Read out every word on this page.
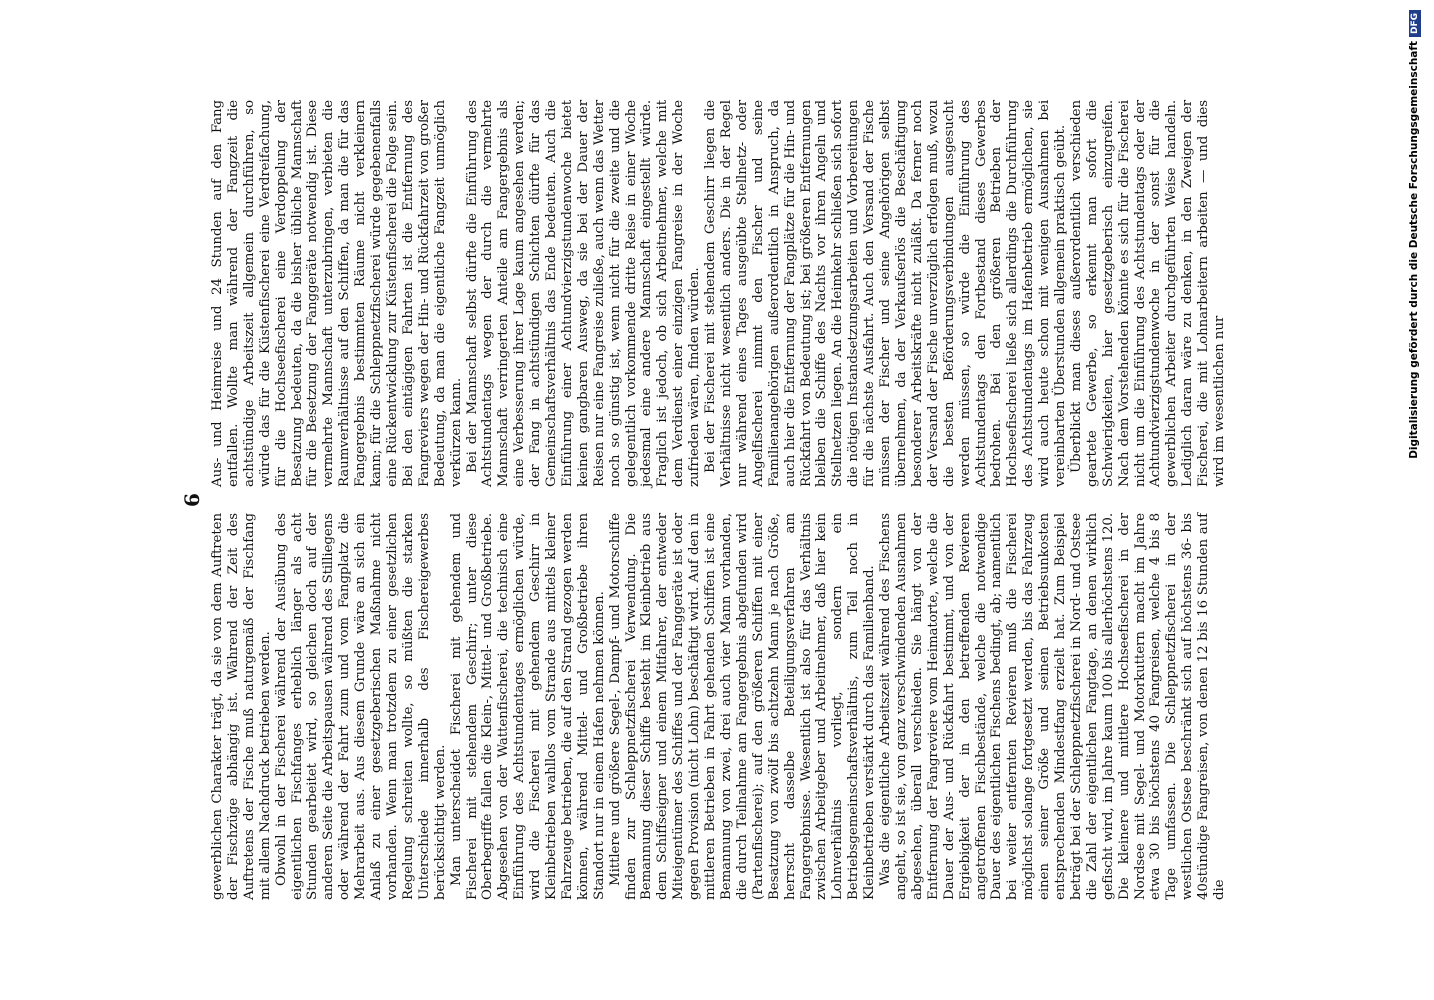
6

gewerblichen Charakter trägt, da sie von dem Auftreten der Fischzüge abhängig ist. Während der Zeit des Auftretens der Fische muß naturgemäß der Fischfang mit allem Nachdruck betrieben werden. Obwohl in der Fischerei während der Ausübung des eigentlichen Fischfanges erheblich länger als acht Stunden gearbeitet wird, so gleichen doch auf der anderen Seite die Arbeitspausen während des Stilliegens oder während der Fahrt zum und vom Fangplatz die Mehrarbeit aus. Aus diesem Grunde wäre an sich ein Anlaß zu einer gesetzgeberischen Maßnahme nicht vorhanden. Wenn man trotzdem zu einer gesetzlichen Regelung schreiten wollte, so müßten die starken Unterschiede innerhalb des Fischereigewerbes berücksichtigt werden. Man unterscheidet Fischerei mit gehendem und Fischerei mit stehendem Geschirr; unter diese Oberbegriffe fallen die Klein-, Mittel- und Großbetriebe. Abgesehen von der Wattenfischerei, die technisch eine Einführung des Achtstundentages ermöglichen würde, wird die Fischerei mit gehendem Geschirr in Kleinbetrieben wahllos vom Strande aus mittels kleiner Fahrzeuge betrieben, die auf den Strand gezogen werden können, während Mittel- und Großbetriebe ihren Standort nur in einem Hafen nehmen können. Mittlere und größere Segel-, Dampf- und Motorschiffe finden zur Schleppnetzfischerei Verwendung. Die Bemannung dieser Schiffe besteht im Kleinbetrieb aus dem Schiffseigner und einem Mitfahrer, der entweder Miteigentümer des Schiffes und der Fanggeräte ist oder gegen Provision (nicht Lohn) beschäftigt wird. Auf den in mittleren Betrieben in Fahrt gehenden Schiffen ist eine Bemannung von zwei, drei auch vier Mann vorhanden, die durch Teilnahme am Fangergebnis abgefunden wird (Partenfischerei); auf den größeren Schiffen mit einer Besatzung von zwölf bis achtzehn Mann je nach Größe, herrscht dasselbe Beteiligungsverfahren am Fangergebnisse. Wesentlich ist also für das Verhältnis zwischen Arbeitgeber und Arbeitnehmer, daß hier kein Lohnverhältnis vorliegt, sondern ein Betriebsgemeinschaftsverhältnis, zum Teil noch in Kleinbetrieben verstärkt durch das Familienband. Was die eigentliche Arbeitszeit während des Fischens angeht, so ist sie, von ganz verschwindenden Ausnahmen abgesehen, überall verschieden. Sie hängt von der Entfernung der Fangreviere vom Heimatorte, welche die Dauer der Aus- und Rückfahrt bestimmt, und von der Ergiebigkeit der in den betreffenden Revieren angetroffenen Fischbestände, welche die notwendige Dauer des eigentlichen Fischens bedingt, ab; namentlich bei weiter entfernten Revieren muß die Fischerei möglichst solange fortgesetzt werden, bis das Fahrzeug einen seiner Größe und seinen Betriebsunkosten entsprechenden Mindestfang erzielt hat. Zum Beispiel beträgt bei der Schleppnetzfischerei in Nord- und Ostsee die Zahl der eigentlichen Fangtage, an denen wirklich gefischt wird, im Jahre kaum 100 bis allerhöchstens 120. Die kleinere und mittlere Hochseefischerei in der Nordsee mit Segel- und Motorkuttern macht im Jahre etwa 30 bis höchstens 40 Fangreisen, welche 4 bis 8 Tage umfassen. Die Schleppnetzfischerei in der westlichen Ostsee beschränkt sich auf höchstens 36- bis 40stündige Fangreisen, von denen 12 bis 16 Stunden auf die

Aus- und Heimreise und 24 Stunden auf den Fang entfallen. Wollte man während der Fangzeit die achtstündige Arbeitszeit allgemein durchführen, so würde das für die Küstenfischerei eine Verdreifachung, für die Hochseefischerei eine Verdoppelung der Besatzung bedeuten, da die bisher übliche Mannschaft für die Besetzung der Fanggeräte notwendig ist. Diese vermehrte Mannschaft unterzubringen, verbieten die Raumverhältnisse auf den Schiffen, da man die für das Fangergebnis bestimmten Räume nicht verkleinern kann; für die Schleppnetzfischerei würde gegebenenfalls eine Rückentwicklung zur Küstenfischerei die Folge sein. Bei den eintägigen Fahrten ist die Entfernung des Fangreviers wegen der Hin- und Rückfahrzeit von großer Bedeutung, da man die eigentliche Fangzeit unmöglich verkürzen kann. Bei der Mannschaft selbst dürfte die Einführung des Achtstundentags wegen der durch die vermehrte Mannschaft verringerten Anteile am Fangergebnis als eine Verbesserung ihrer Lage kaum angesehen werden; der Fang in achtstündigen Schichten dürfte für das Gemeinschaftsverhältnis das Ende bedeuten. Auch die Einführung einer Achtundvierzigstundenwoche bietet keinen gangbaren Ausweg, da sie bei der Dauer der Reisen nur eine Fangreise zuließe, auch wenn das Wetter noch so günstig ist, wenn nicht für die zweite und die gelegentlich vorkommende dritte Reise in einer Woche jedesmal eine andere Mannschaft eingestellt würde. Fraglich ist jedoch, ob sich Arbeitnehmer, welche mit dem Verdienst einer einzigen Fangreise in der Woche zufrieden wären, finden würden. Bei der Fischerei mit stehendem Geschirr liegen die Verhältnisse nicht wesentlich anders. Die in der Regel nur während eines Tages ausgeübte Stellnetz- oder Angelfischerei nimmt den Fischer und seine Familienangehörigen außerordentlich in Anspruch, da auch hier die Entfernung der Fangplätze für die Hin- und Rückfahrt von Bedeutung ist; bei größeren Entfernungen bleiben die Schiffe des Nachts vor ihren Angeln und Stellnetzen liegen. An die Heimkehr schließen sich sofort die nötigen Instandsetzungsarbeiten und Vorbereitungen für die nächste Ausfahrt. Auch den Versand der Fische müssen der Fischer und seine Angehörigen selbst übernehmen, da der Verkaufserlös die Beschäftigung besonderer Arbeitskräfte nicht zuläßt. Da ferner noch der Versand der Fische unverzüglich erfolgen muß, wozu die besten Beförderungsverbindungen ausgesucht werden müssen, so würde die Einführung des Achtstundentags den Fortbestand dieses Gewerbes bedrohen. Bei den größeren Betrieben der Hochseefischerei ließe sich allerdings die Durchführung des Achtstundentags im Hafenbetrieb ermöglichen, sie wird auch heute schon mit wenigen Ausnahmen bei vereinbarten Überstunden allgemein praktisch geübt. Überblickt man dieses außerordentlich verschieden geartete Gewerbe, so erkennt man sofort die Schwierigkeiten, hier gesetzgeberisch einzugreifen. Nach dem Vorstehenden könnte es sich für die Fischerei nicht um die Einführung des Achtstundentags oder der Achtundvierzigstundenwoche in der sonst für die gewerblichen Arbeiter durchgeführten Weise handeln. Lediglich daran wäre zu denken, in den Zweigen der Fischerei, die mit Lohnarbeitern arbeiten — und dies wird im wesentlichen nur	Digitalisierung gefördert durch die Deutsche ForschungsgemeinschaftDFG
